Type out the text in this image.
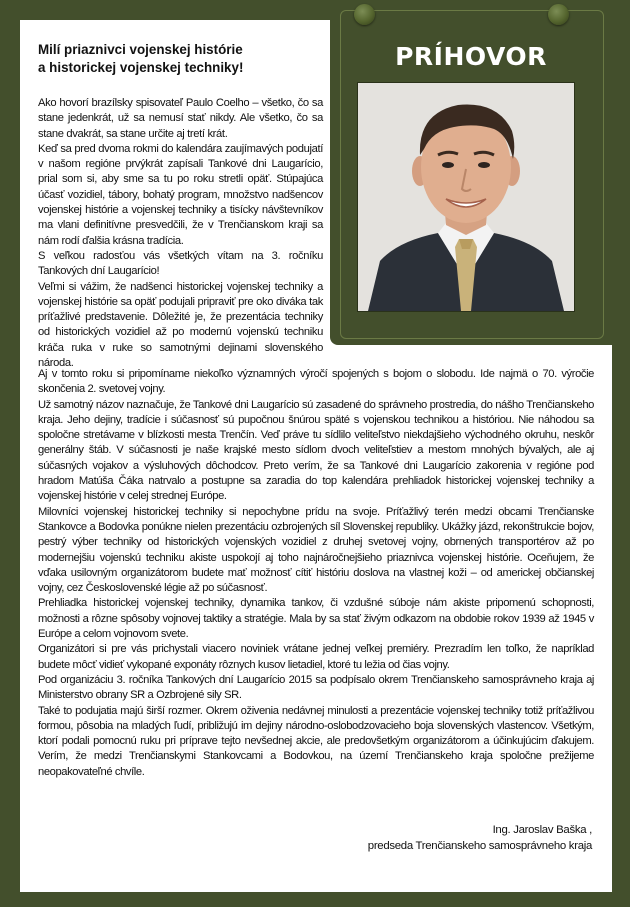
PRÍHOVOR
Milí priaznivci vojenskej histórie
a historickej vojenskej techniky!

Ako hovorí brazílsky spisovateľ Paulo Coelho – všetko, čo sa stane jedenkrát, už sa nemusí stať nikdy. Ale všetko, čo sa stane dvakrát, sa stane určite aj tretí krát.

Keď sa pred dvoma rokmi do kalendára zaujímavých podujatí v našom regióne prvýkrát zapísali Tankové dni Laugarício, prial som si, aby sme sa tu po roku stretli opäť. Stúpajúca účasť vozidiel, tábory, bohatý program, množstvo nadšencov vojenskej histórie a vojenskej techniky a tisícky návštevníkov ma vlani definitívne presvedčili, že v Trenčianskom kraji sa nám rodí ďalšia krásna tradícia.

S veľkou radosťou vás všetkých vítam na 3. ročníku Tankových dní Laugarício!

Veľmi si vážim, že nadšenci historickej vojenskej techniky a vojenskej histórie sa opäť podujali pripraviť pre oko diváka tak príťažlivé predstavenie. Dôležité je, že prezentácia techniky od historických vozidiel až po modernú vojenskú techniku kráča ruka v ruke so samotnými dejinami slovenského národa.

Aj v tomto roku si pripomíname niekoľko významných výročí spojených s bojom o slobodu. Ide najmä o 70. výročie skončenia 2. svetovej vojny.

Už samotný názov naznačuje, že Tankové dni Laugarício sú zasadené do správneho prostredia, do nášho Trenčianskeho kraja. Jeho dejiny, tradície i súčasnosť sú pupočnou šnúrou späté s vojenskou technikou a históriou. Nie náhodou sa spoločne stretávame v blízkosti mesta Trenčín. Veď práve tu sídlilo veliteľstvo niekdajšieho východného okruhu, neskôr generálny štáb. V súčasnosti je naše krajské mesto sídlom dvoch veliteľstiev a mestom mnohých bývalých, ale aj súčasných vojakov a výsluhových dôchodcov. Preto verím, že sa Tankové dni Laugarício zakorenia v regióne pod hradom Matúša Čáka natrvalo a postupne sa zaradia do top kalendára prehliadok historickej vojenskej techniky a vojenskej histórie v celej strednej Európe.

Milovníci vojenskej historickej techniky si nepochybne prídu na svoje. Príťažlivý terén medzi obcami Trenčianske Stankovce a Bodovka ponúkne nielen prezentáciu ozbrojených síl Slovenskej republiky. Ukážky jázd, rekonštrukcie bojov, pestrý výber techniky od historických vojenských vozidiel z druhej svetovej vojny, obrnených transportérov až po modernejšiu vojenskú techniku akiste uspokojí aj toho najnáročnejšieho priaznivca vojenskej histórie. Oceňujem, že vďaka usilovným organizátorom budete mať možnosť cítiť históriu doslova na vlastnej koži – od americkej občianskej vojny, cez Československé légie až po súčasnosť.

Prehliadka historickej vojenskej techniky, dynamika tankov, či vzdušné súboje nám akiste pripomenú schopnosti, možnosti a rôzne spôsoby vojnovej taktiky a stratégie. Mala by sa stať živým odkazom na obdobie rokov 1939 až 1945 v Európe a celom vojnovom svete.

Organizátori si pre vás prichystali viacero noviniek vrátane jednej veľkej premiéry. Prezradím len toľko, že napríklad budete môcť vidieť vykopané exponáty rôznych kusov lietadiel, ktoré tu ležia od čias vojny.

Pod organizáciu 3. ročníka Tankových dní Laugarício 2015 sa podpísalo okrem Trenčianskeho samosprávneho kraja aj Ministerstvo obrany SR a Ozbrojené sily SR.

Také to podujatia majú širší rozmer. Okrem oživenia nedávnej minulosti a prezentácie vojenskej techniky totiž príťažlivou formou, pôsobia na mladých ľudí, približujú im dejiny národno-oslobodzovacieho boja slovenských vlastencov. Všetkým, ktorí podali pomocnú ruku pri príprave tejto nevšednej akcie, ale predovšetkým organizátorom a účinkujúcim ďakujem. Verím, že medzi Trenčianskymi Stankovcami a Bodovkou, na území Trenčianskeho kraja spoločne prežijeme neopakovateľné chvíle.

Ing. Jaroslav Baška ,
predseda Trenčianskeho samosprávneho kraja
